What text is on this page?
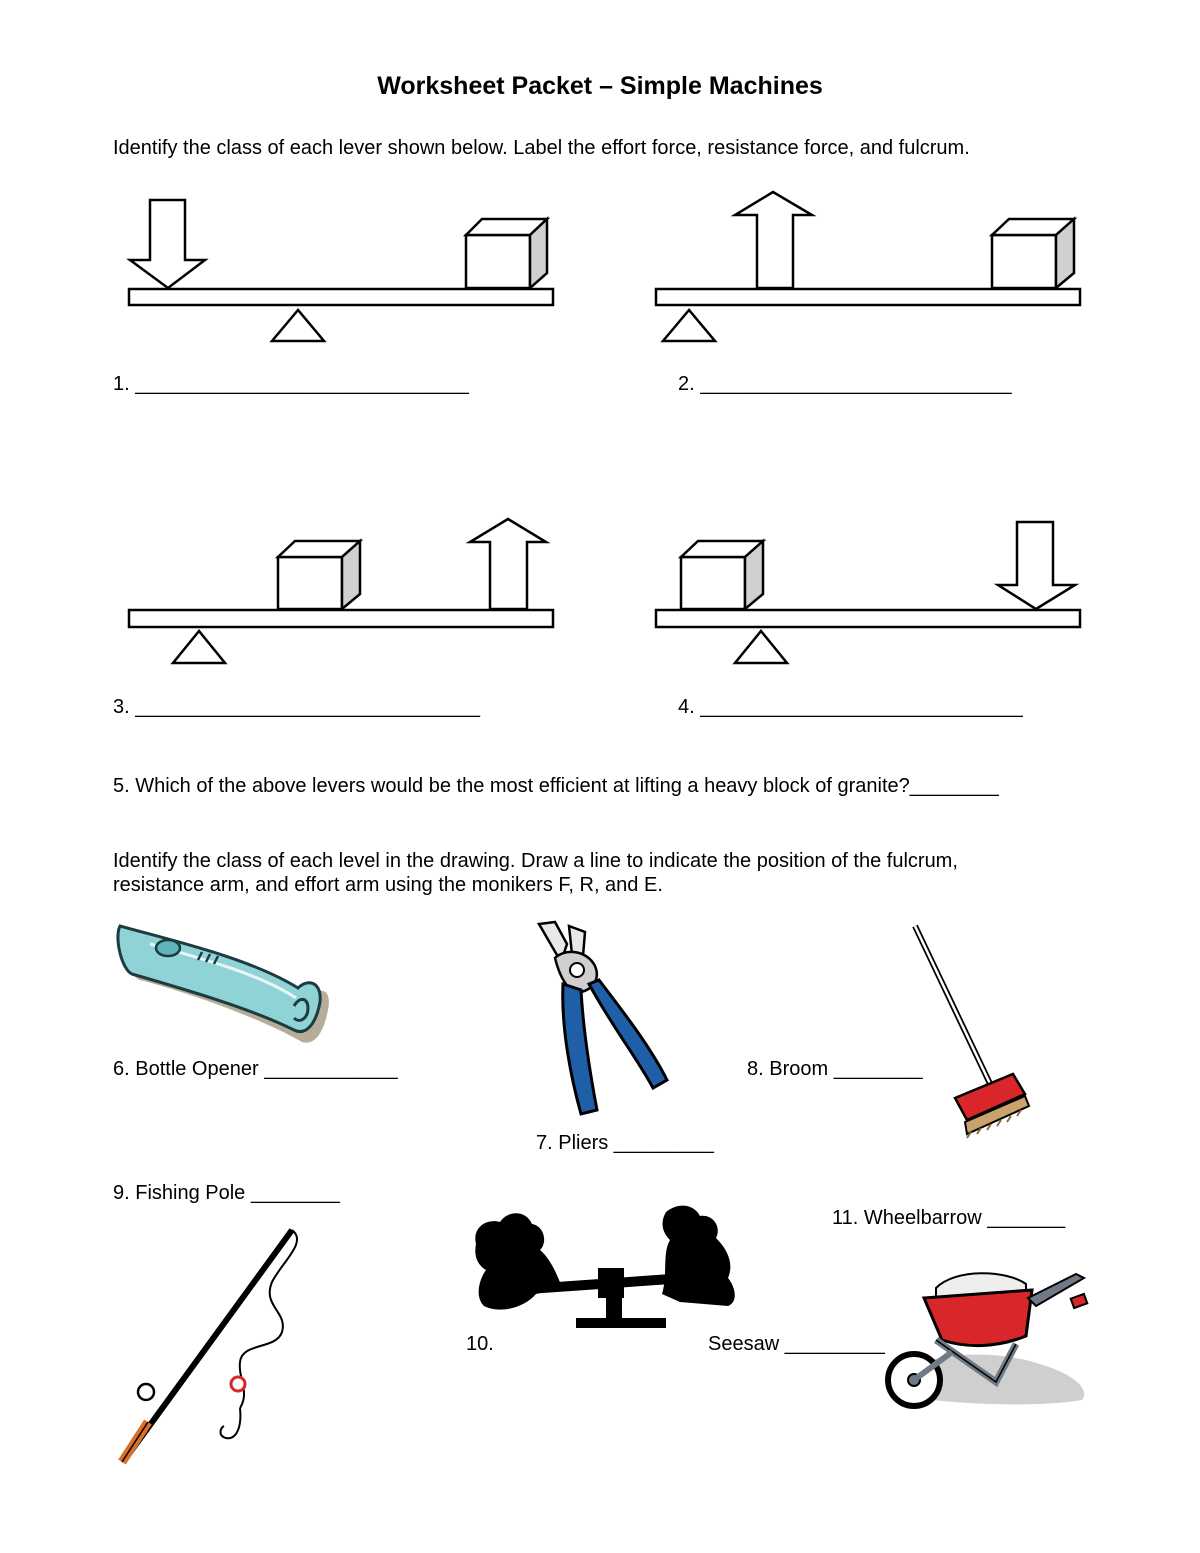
Worksheet Packet – Simple Machines
Identify the class of each lever shown below. Label the effort force, resistance force, and fulcrum.
1. ______________________________	2. ____________________________
3. _______________________________	4. _____________________________
5. Which of the above levers would be the most efficient at lifting a heavy block of granite?________
Identify the class of each level in the drawing. Draw a line to indicate the position of the fulcrum,
resistance arm, and effort arm using the monikers F, R, and E.
6. Bottle Opener ____________	8. Broom ________
7. Pliers _________
9. Fishing Pole ________
10.	Seesaw _________
11. Wheelbarrow _______
